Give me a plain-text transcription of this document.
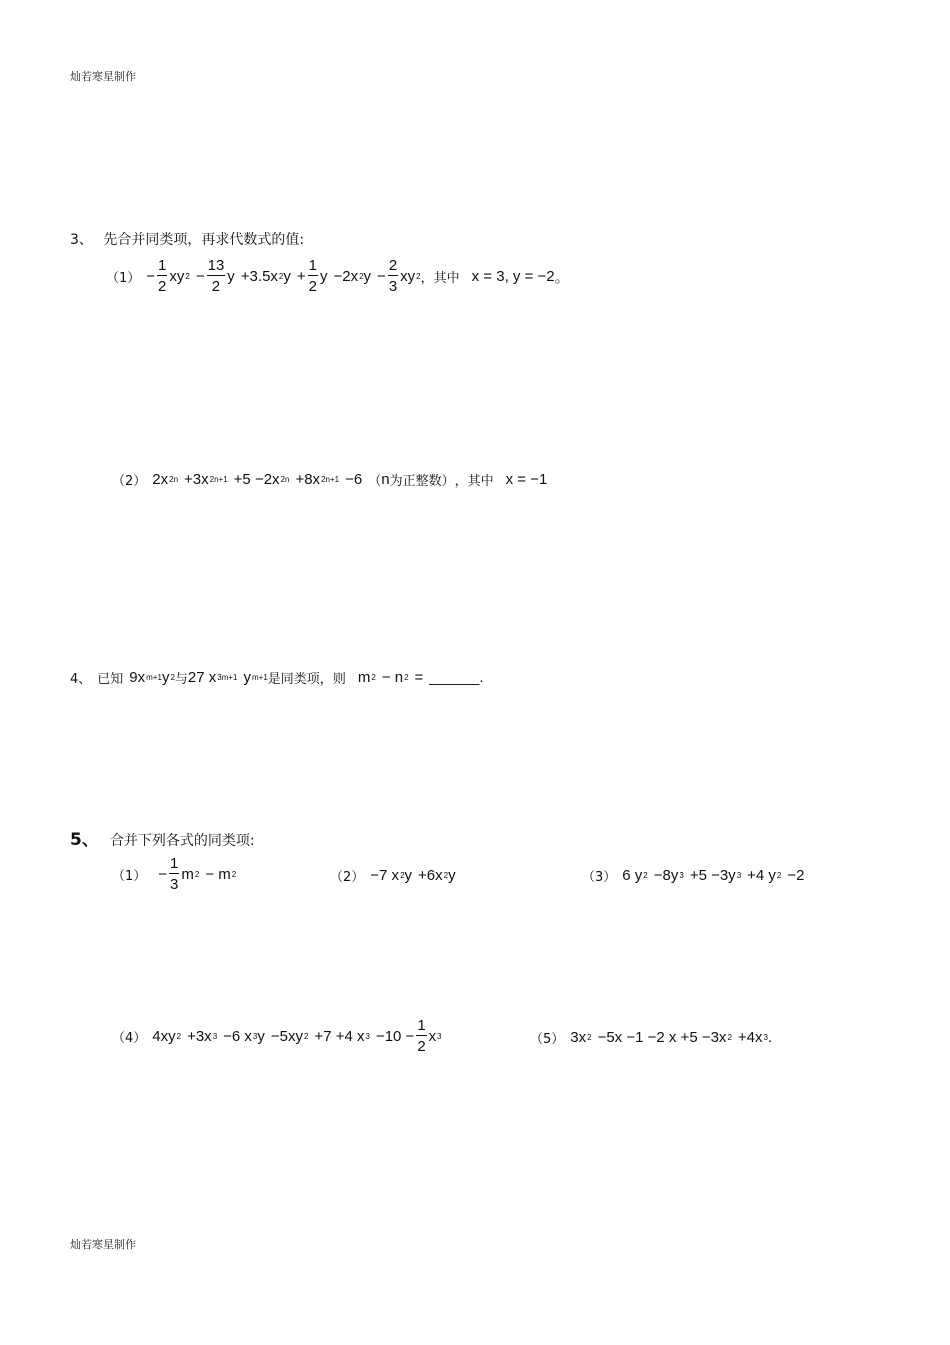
灿若寒星制作
3、 先合并同类项，再求代数式的值:
$(1) - \frac{1}{2}$ xy $2 - \frac{13}{2}$ y +3.5x 2 $y + \frac{1}{2}$ y −2x 2 $y - \frac{2}{3}$ xy 2 ， 其中 x = 3, y = −2 。
（2） 2x 2n +3x 2n+1 +5 −2x 2n +8x 2n+1 −6 （ n 为正整数） ， 其中 x = −1
4、 已知 9x m+1 y 2 与 27 x 3m+1 y m+1 是同类项， 则 m 2 − n 2 = ______ .
5、 合并下列各式的同类项:
$(1) - \frac{1}{3}$ m 2 − m 2	（2） −7 x 2 y +6x 2 y	（3） 6 y 2 −8y 3 +5 −3y 3 +4 y 2 −2
（4） 4xy 2 +3x 3 −6 x 3 y −5xy 2 +7 +4 x $3 -10 - \frac{1}{2}$ x 3	（5） 3x 2 −5x −1 −2 x +5 −3x 2 +4x 3 .
灿若寒星制作
